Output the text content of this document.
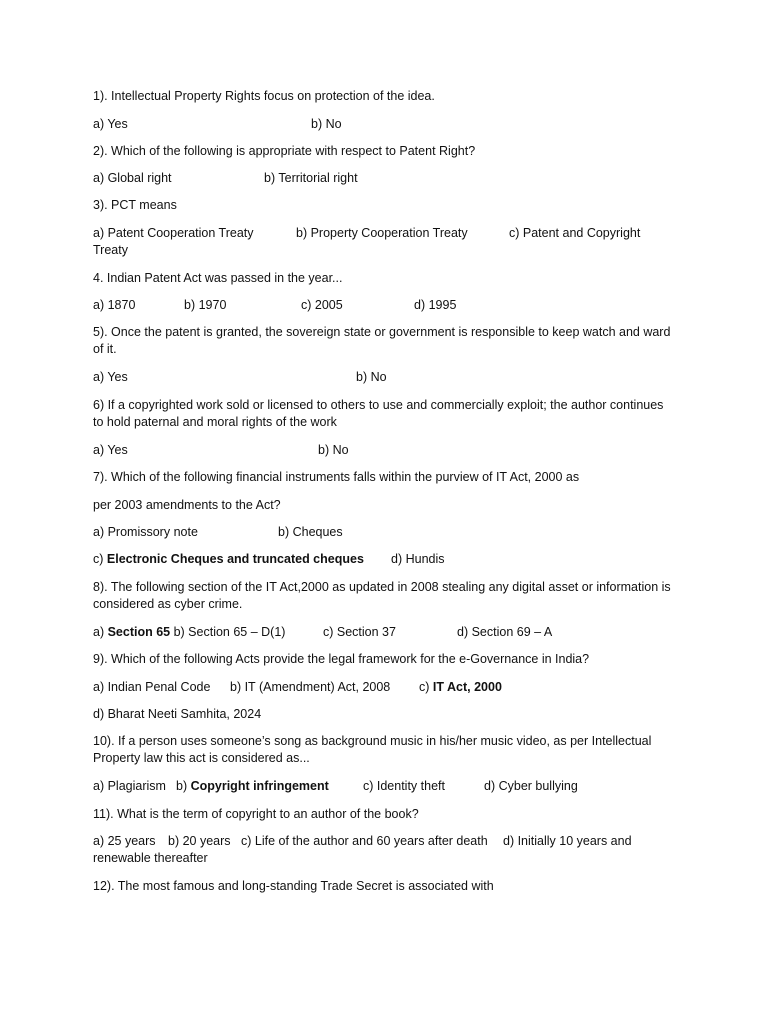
1). Intellectual Property Rights focus on protection of the idea.
a) Yes	b) No
2). Which of the following is appropriate with respect to Patent Right?
a) Global right	b) Territorial right
3). PCT means
a) Patent Cooperation Treaty	b) Property Cooperation Treaty	c) Patent and Copyright
Treaty
4. Indian Patent Act was passed in the year...
a) 1870	b) 1970	c) 2005	d) 1995
5). Once the patent is granted, the sovereign state or government is responsible to keep watch and ward of it.
a) Yes	b) No
6) If a copyrighted work sold or licensed to others to use and commercially exploit; the author continues to hold paternal and moral rights of the work
a) Yes	b) No
7). Which of the following financial instruments falls within the purview of IT Act, 2000 as
per 2003 amendments to the Act?
a) Promissory note	b) Cheques
c) Electronic Cheques and truncated cheques d) Hundis
8). The following section of the IT Act,2000 as updated in 2008 stealing any digital asset or information is considered as cyber crime.
a) Section 65 b) Section 65 – D(1)	c) Section 37	d) Section 69 – A
9). Which of the following Acts provide the legal framework for the e-Governance in India?
a) Indian Penal Code b) IT (Amendment) Act, 2008 c) IT Act, 2000
d) Bharat Neeti Samhita, 2024
10). If a person uses someone’s song as background music in his/her music video, as per Intellectual Property law this act is considered as...
a) Plagiarism b) Copyright infringement	c) Identity theft	d) Cyber bullying
11). What is the term of copyright to an author of the book?
a) 25 years b) 20 years c) Life of the author and 60 years after death d) Initially 10 years and
renewable thereafter
12). The most famous and long-standing Trade Secret is associated with
